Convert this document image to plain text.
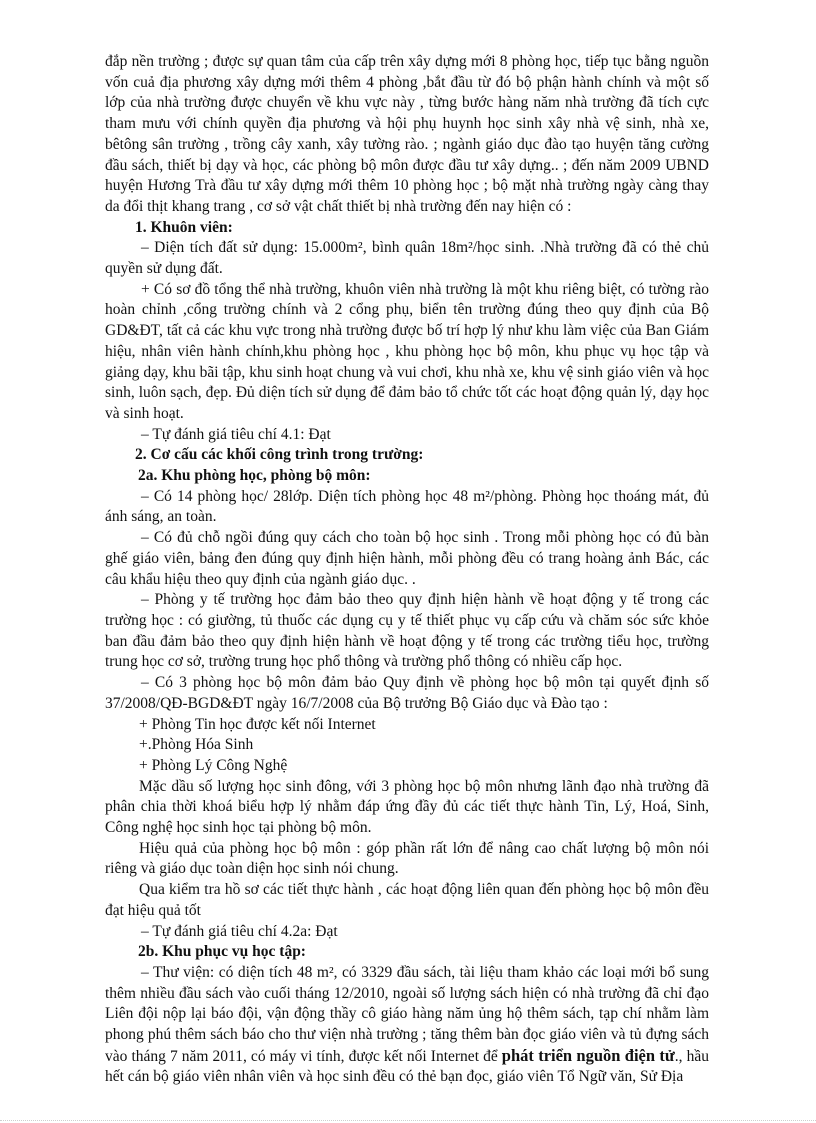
đắp nền trường ; được sự quan tâm của cấp trên xây dựng mới 8 phòng học, tiếp tục bằng nguồn vốn cuả địa phương xây dựng mới thêm 4 phòng ,bắt đầu từ đó bộ phận hành chính và một số lớp của nhà trường được chuyển về khu vực này , từng bước hàng năm nhà trường đã tích cực tham mưu với chính quyền địa phương và hội phụ huynh học sinh xây nhà vệ sinh, nhà xe, bêtông sân trường , trồng cây xanh, xây tường rào. ; ngành giáo dục đào tạo huyện tăng cường đầu sách, thiết bị dạy và học, các phòng bộ môn được đầu tư xây dựng.. ; đến năm 2009 UBND huyện Hương Trà đầu tư xây dựng mới thêm 10 phòng học ; bộ mặt nhà trường ngày càng thay da đổi thịt khang trang , cơ sở vật chất thiết bị nhà trường đến nay hiện có :

1. Khuôn viên:

– Diện tích đất sử dụng: 15.000m², bình quân 18m²/học sinh. .Nhà trường đã có thẻ chủ quyền sử dụng đất.

+ Có sơ đồ tổng thể nhà trường, khuôn viên nhà trường là một khu riêng biệt, có tường rào hoàn chỉnh ,cổng trường chính và 2 cổng phụ, biển tên trường đúng theo quy định của Bộ GD&ĐT, tất cả các khu vực trong nhà trường được bố trí hợp lý như khu làm việc của Ban Giám hiệu, nhân viên hành chính,khu phòng học , khu phòng học bộ môn, khu phục vụ học tập và giảng dạy, khu bãi tập, khu sinh hoạt chung và vui chơi, khu nhà xe, khu vệ sinh giáo viên và học sinh, luôn sạch, đẹp. Đủ diện tích sử dụng để đảm bảo tổ chức tốt các hoạt động quản lý, dạy học và sinh hoạt.

– Tự đánh giá tiêu chí 4.1: Đạt

2. Cơ cấu các khối công trình trong trường:
2a. Khu phòng học, phòng bộ môn:

– Có 14 phòng học/ 28lớp. Diện tích phòng học 48 m²/phòng. Phòng học thoáng mát, đủ ánh sáng, an toàn.

– Có đủ chỗ ngồi đúng quy cách cho toàn bộ học sinh . Trong mỗi phòng học có đủ bàn ghế giáo viên, bảng đen đúng quy định hiện hành, mỗi phòng đều có trang hoàng ảnh Bác, các câu khẩu hiệu theo quy định của ngành giáo dục. .

– Phòng y tế trường học đảm bảo theo quy định hiện hành về hoạt động y tế trong các trường học : có giường, tủ thuốc các dụng cụ y tế thiết phục vụ cấp cứu và chăm sóc sức khỏe ban đầu đảm bảo theo quy định hiện hành về hoạt động y tế trong các trường tiểu học, trường trung học cơ sở, trường trung học phổ thông và trường phổ thông có nhiều cấp học.

– Có 3 phòng học bộ môn đảm bảo Quy định về phòng học bộ môn tại quyết định số 37/2008/QĐ-BGD&ĐT ngày 16/7/2008 của Bộ trưởng Bộ Giáo dục và Đào tạo :

+ Phòng Tin học được kết nối Internet

+.Phòng Hóa Sinh

+ Phòng Lý Công Nghệ

Mặc dầu số lượng học sinh đông, với 3 phòng học bộ môn nhưng lãnh đạo nhà trường đã phân chia thời khoá biểu hợp lý nhằm đáp ứng đầy đủ các tiết thực hành Tin, Lý, Hoá, Sinh, Công nghệ học sinh học tại phòng bộ môn.

Hiệu quả của phòng học bộ môn : góp phần rất lớn để nâng cao chất lượng bộ môn nói riêng và giáo dục toàn diện học sinh nói chung.

Qua kiểm tra hồ sơ các tiết thực hành , các hoạt động liên quan đến phòng học bộ môn đều đạt hiệu quả tốt

– Tự đánh giá tiêu chí 4.2a: Đạt

2b. Khu phục vụ học tập:

– Thư viện: có diện tích 48 m², có 3329 đầu sách, tài liệu tham khảo các loại mới bổ sung thêm nhiều đầu sách vào cuối tháng 12/2010, ngoài số lượng sách hiện có nhà trường đã chỉ đạo Liên đội nộp lại báo đội, vận động thầy cô giáo hàng năm ủng hộ thêm sách, tạp chí nhằm làm phong phú thêm sách báo cho thư viện nhà trường ; tăng thêm bàn đọc giáo viên và tủ đựng sách vào tháng 7 năm 2011, có máy vi tính, được kết nối Internet để phát triển nguồn điện tử., hầu hết cán bộ giáo viên nhân viên và học sinh đều có thẻ bạn đọc, giáo viên Tổ Ngữ văn, Sử Địa
